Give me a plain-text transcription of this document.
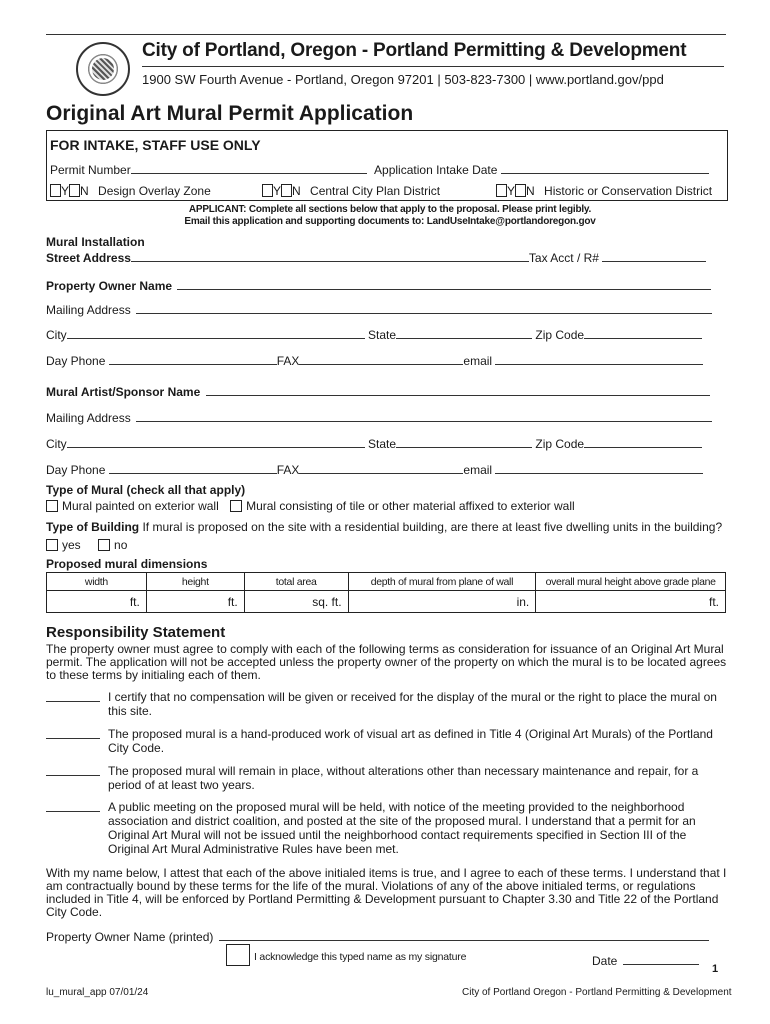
City of Portland, Oregon - Portland Permitting & Development
1900 SW Fourth Avenue - Portland, Oregon 97201 | 503-823-7300 | www.portland.gov/ppd
Original Art Mural Permit Application
FOR INTAKE, STAFF USE ONLY
Permit Number	Application Intake Date
Y N Design Overlay Zone	Y N Central City Plan District	Y N Historic or Conservation District
APPLICANT: Complete all sections below that apply to the proposal. Please print legibly.
Email this application and supporting documents to: LandUseIntake@portlandoregon.gov
Mural Installation
Street Address	Tax Acct / R#
Property Owner Name
Mailing Address
City	State	Zip Code
Day Phone	FAX	email
Mural Artist/Sponsor Name
Mailing Address
City	State	Zip Code
Day Phone	FAX	email
Type of Mural (check all that apply)
Mural painted on exterior wall Mural consisting of tile or other material affixed to exterior wall
Type of Building If mural is proposed on the site with a residential building, are there at least five dwelling units in the building?
yes	no
Proposed mural dimensions
width	height	total area	depth of mural from plane of wall	overall mural height above grade plane
ft.	ft.	sq. ft.	in.	ft.
Responsibility Statement
The property owner must agree to comply with each of the following terms as consideration for issuance of an Original Art Mural permit. The application will not be accepted unless the property owner of the property on which the mural is to be located agrees to these terms by initialing each of them.
I certify that no compensation will be given or received for the display of the mural or the right to place the mural on this site.
The proposed mural is a hand-produced work of visual art as defined in Title 4 (Original Art Murals) of the Portland City Code.
The proposed mural will remain in place, without alterations other than necessary maintenance and repair, for a period of at least two years.
A public meeting on the proposed mural will be held, with notice of the meeting provided to the neighborhood association and district coalition, and posted at the site of the proposed mural. I understand that a permit for an Original Art Mural will not be issued until the neighborhood contact requirements specified in Section III of the Original Art Mural Administrative Rules have been met.
With my name below, I attest that each of the above initialed items is true, and I agree to each of these terms. I understand that I am contractually bound by these terms for the life of the mural. Violations of any of the above initialed terms, or regulations included in Title 4, will be enforced by Portland Permitting & Development pursuant to Chapter 3.30 and Title 22 of the Portland City Code.
Property Owner Name (printed)
I acknowledge this typed name as my signature	Date
1
lu_mural_app 07/01/24	City of Portland Oregon - Portland Permitting & Development
